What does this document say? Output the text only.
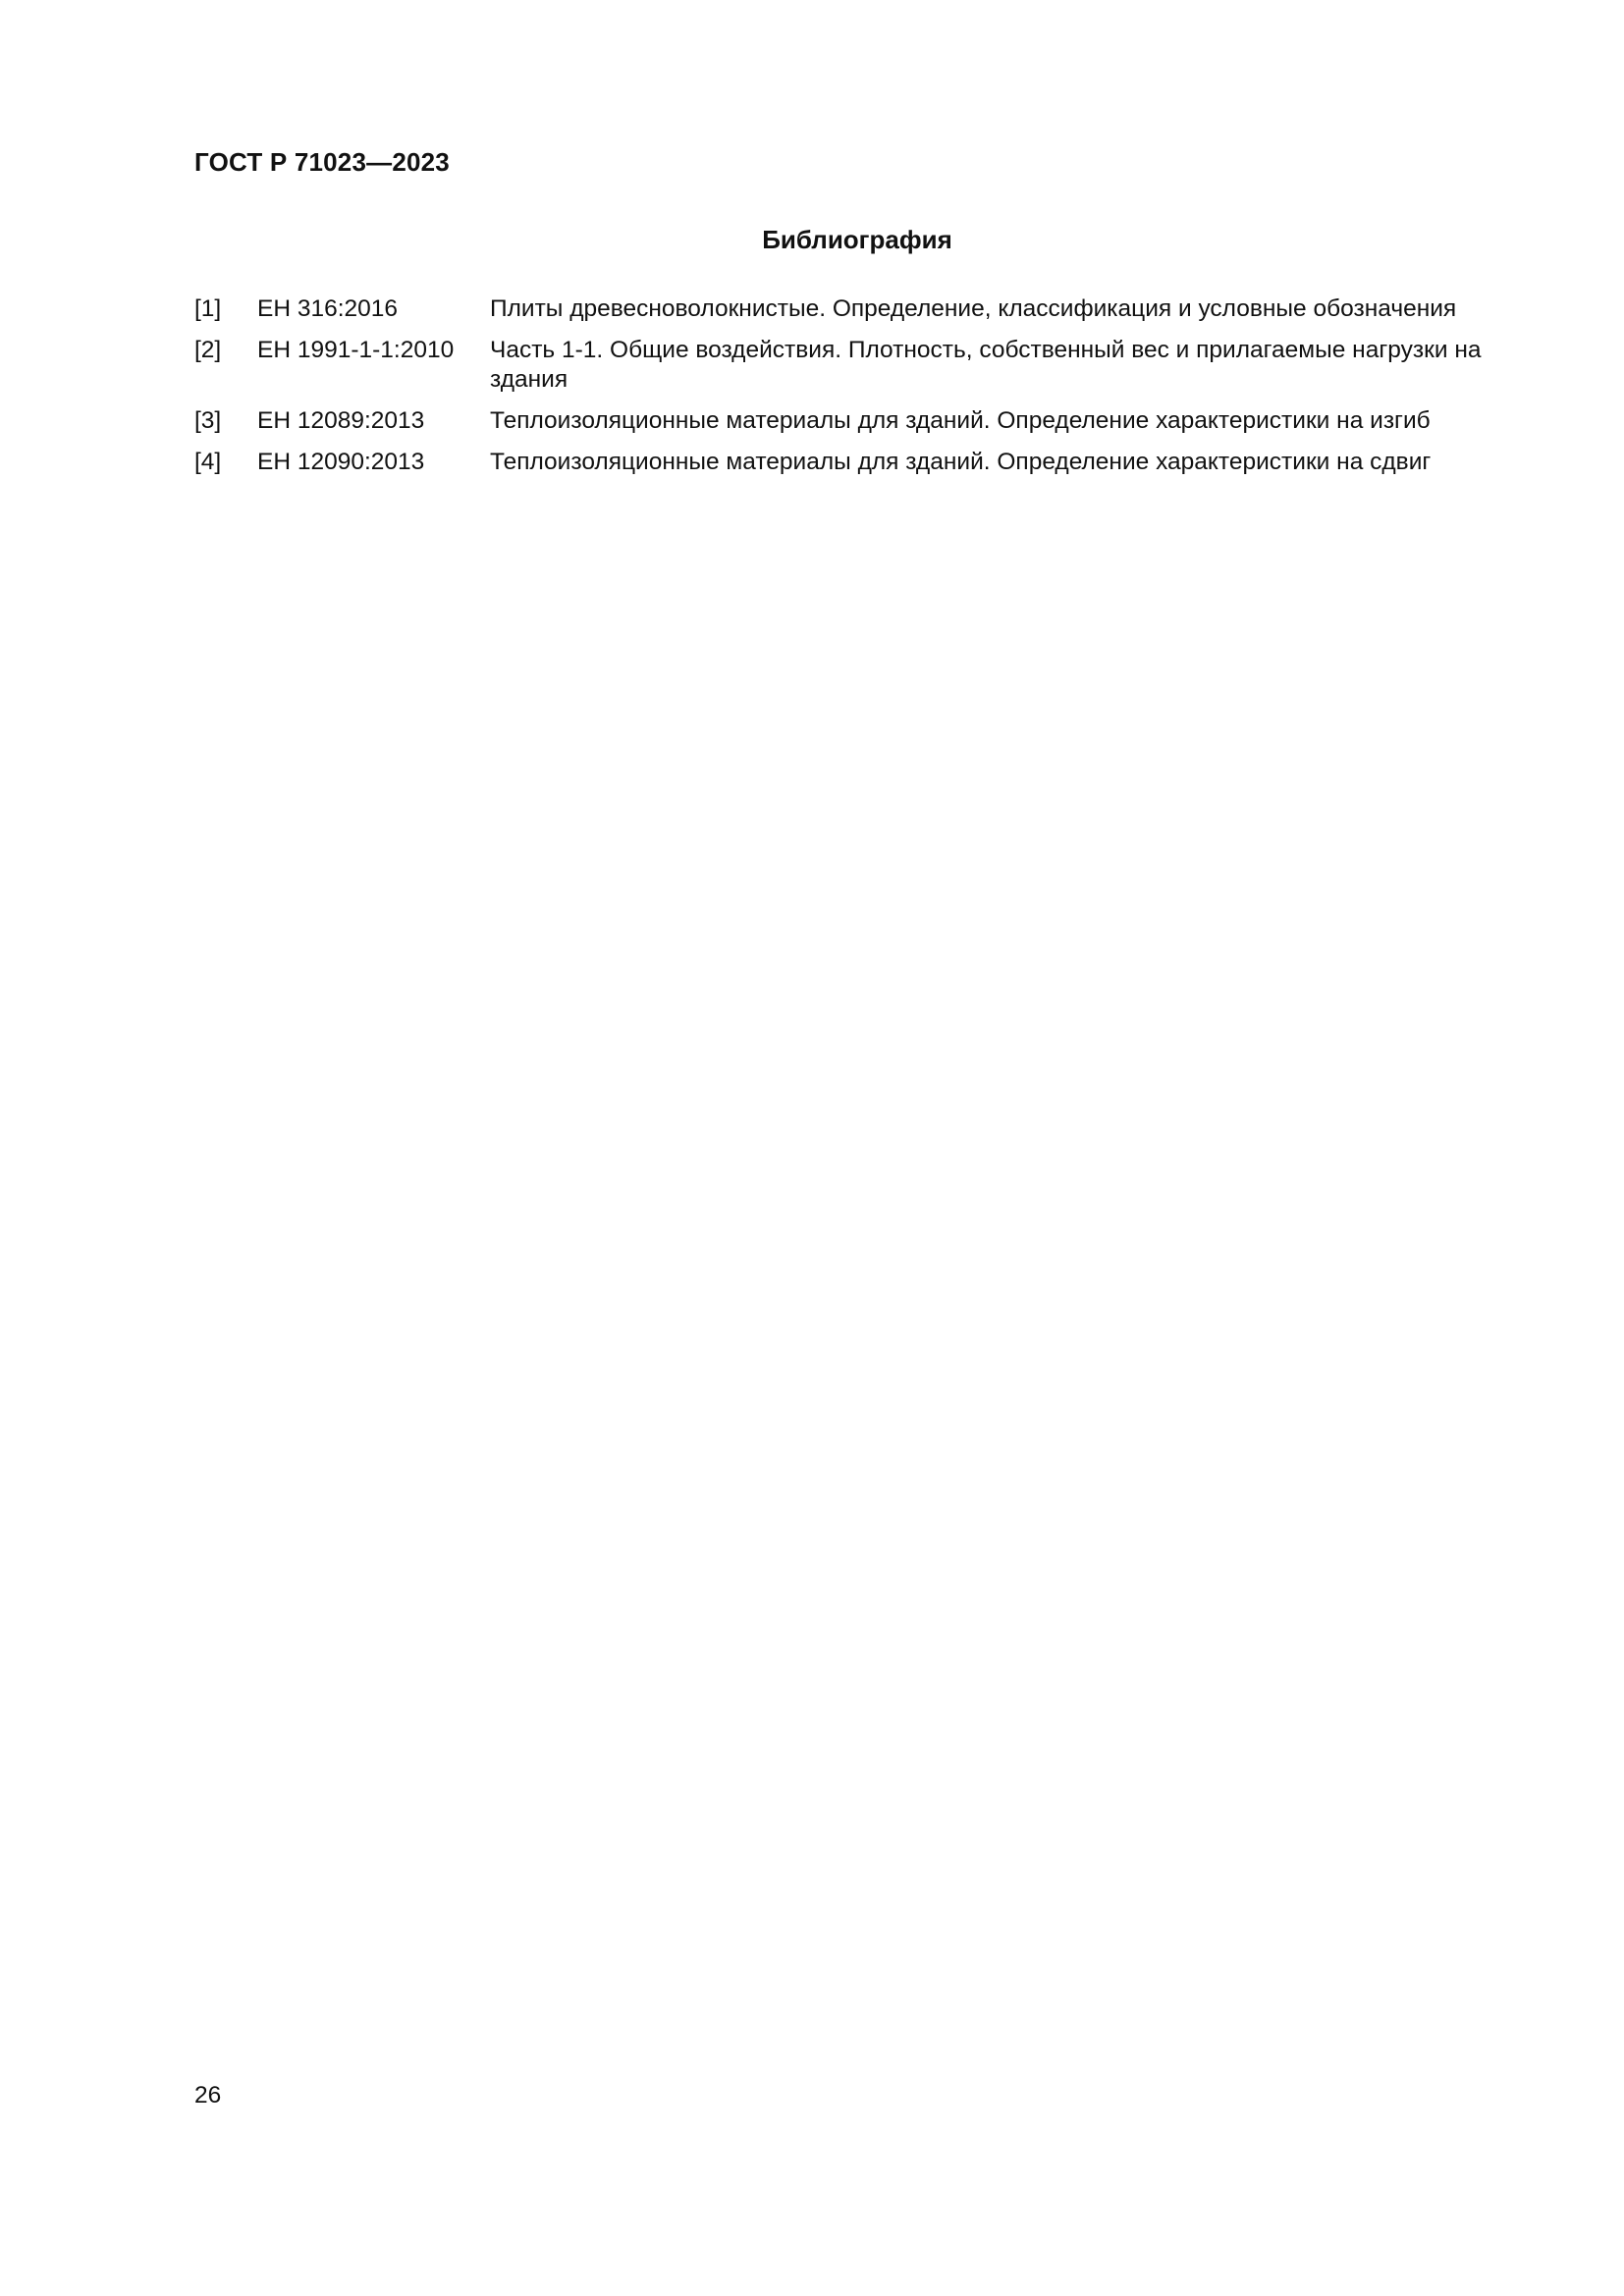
ГОСТ Р 71023—2023
Библиография
[1]	ЕН 316:2016	Плиты древесноволокнистые. Определение, классификация и условные обозначения
[2]	ЕН 1991-1-1:2010	Часть 1-1. Общие воздействия. Плотность, собственный вес и прилагаемые нагрузки на здания
[3]	ЕН 12089:2013	Теплоизоляционные материалы для зданий. Определение характеристики на изгиб
[4]	ЕН 12090:2013	Теплоизоляционные материалы для зданий. Определение характеристики на сдвиг
26
